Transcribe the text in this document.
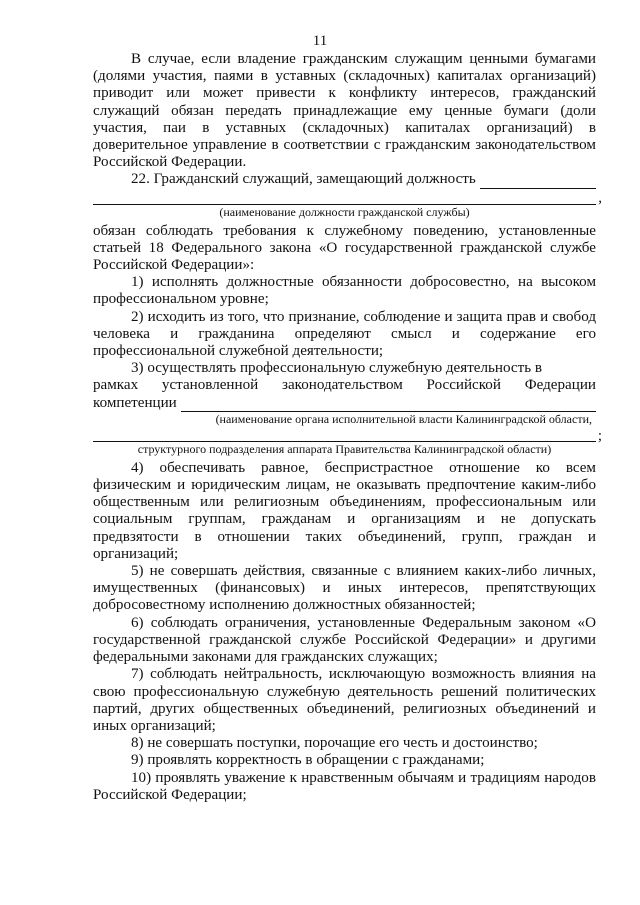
11

В случае, если владение гражданским служащим ценными бумагами (долями участия, паями в уставных (складочных) капиталах организаций) приводит или может привести к конфликту интересов, гражданский служащий обязан передать принадлежащие ему ценные бумаги (доли участия, паи в уставных (складочных) капиталах организаций) в доверительное управление в соответствии с гражданским законодательством Российской Федерации.

22. Гражданский служащий, замещающий должность
,
(наименование должности гражданской службы)

обязан соблюдать требования к служебному поведению, установленные статьей 18 Федерального закона «О государственной гражданской службе Российской Федерации»:

1) исполнять должностные обязанности добросовестно, на высоком профессиональном уровне;

2) исходить из того, что признание, соблюдение и защита прав и свобод человека и гражданина определяют смысл и содержание его профессиональной служебной деятельности;

3) осуществлять профессиональную служебную деятельность в

рамках установленной законодательством Российской Федерации
компетенции
(наименование органа исполнительной власти Калининградской области,
;
структурного подразделения аппарата Правительства Калининградской области)

4) обеспечивать равное, беспристрастное отношение ко всем физическим и юридическим лицам, не оказывать предпочтение каким-либо общественным или религиозным объединениям, профессиональным или социальным группам, гражданам и организациям и не допускать предвзятости в отношении таких объединений, групп, граждан и организаций;

5) не совершать действия, связанные с влиянием каких-либо личных, имущественных (финансовых) и иных интересов, препятствующих добросовестному исполнению должностных обязанностей;

6) соблюдать ограничения, установленные Федеральным законом «О государственной гражданской службе Российской Федерации» и другими федеральными законами для гражданских служащих;

7) соблюдать нейтральность, исключающую возможность влияния на свою профессиональную служебную деятельность решений политических партий, других общественных объединений, религиозных объединений и иных организаций;

8) не совершать поступки, порочащие его честь и достоинство;

9) проявлять корректность в обращении с гражданами;

10) проявлять уважение к нравственным обычаям и традициям народов Российской Федерации;
